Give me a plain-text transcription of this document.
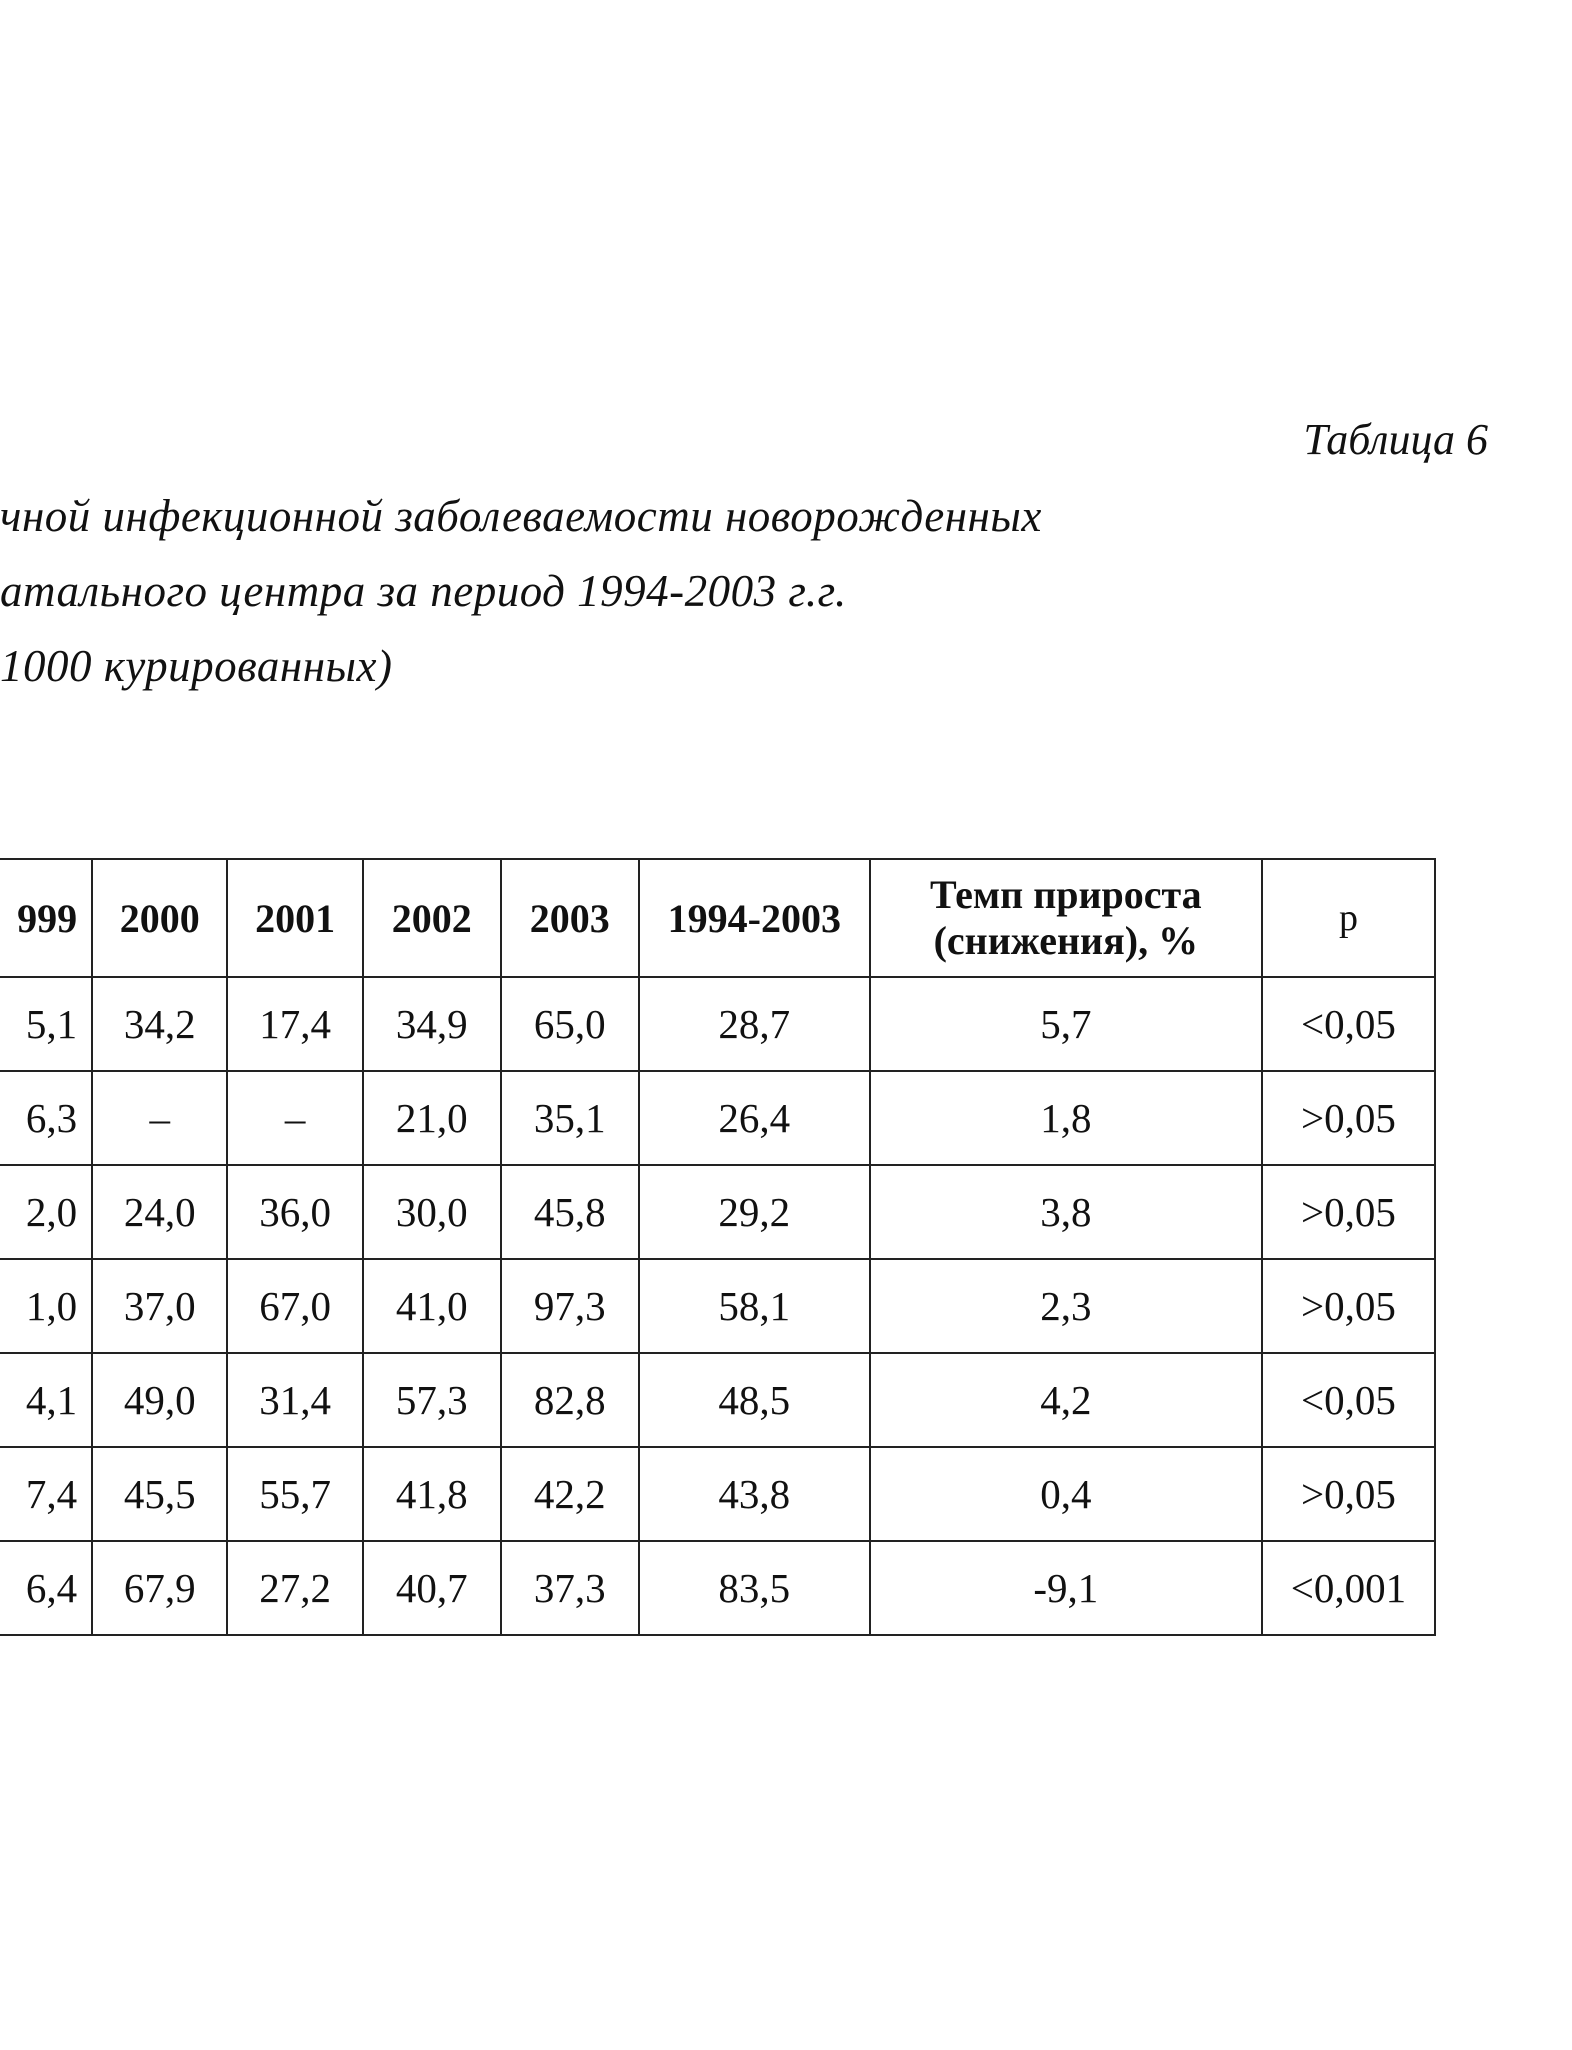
Таблица 6
чной инфекционной заболеваемости новорожденных
атального центра за период 1994-2003 г.г.
1000 курированных)
999	2000	2001	2002	2003	1994-2003	Темп прироста (снижения), %	p
5,1	34,2	17,4	34,9	65,0	28,7	5,7	<0,05
6,3	–	–	21,0	35,1	26,4	1,8	>0,05
2,0	24,0	36,0	30,0	45,8	29,2	3,8	>0,05
1,0	37,0	67,0	41,0	97,3	58,1	2,3	>0,05
4,1	49,0	31,4	57,3	82,8	48,5	4,2	<0,05
7,4	45,5	55,7	41,8	42,2	43,8	0,4	>0,05
6,4	67,9	27,2	40,7	37,3	83,5	-9,1	<0,001
